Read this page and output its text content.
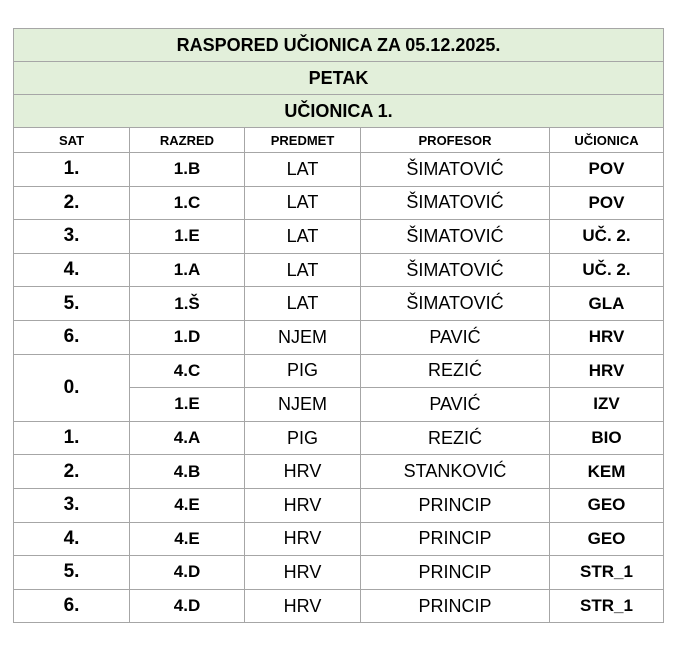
RASPORED UČIONICA ZA 05.12.2025.				
PETAK				
UČIONICA 1.				
SAT	RAZRED	PREDMET	PROFESOR	UČIONICA
1.	1.B	LAT	ŠIMATOVIĆ	POV
2.	1.C	LAT	ŠIMATOVIĆ	POV
3.	1.E	LAT	ŠIMATOVIĆ	UČ. 2.
4.	1.A	LAT	ŠIMATOVIĆ	UČ. 2.
5.	1.Š	LAT	ŠIMATOVIĆ	GLA
6.	1.D	NJEM	PAVIĆ	HRV
0.	4.C	PIG	REZIĆ	HRV
	1.E	NJEM	PAVIĆ	IZV
1.	4.A	PIG	REZIĆ	BIO
2.	4.B	HRV	STANKOVIĆ	KEM
3.	4.E	HRV	PRINCIP	GEO
4.	4.E	HRV	PRINCIP	GEO
5.	4.D	HRV	PRINCIP	STR_1
6.	4.D	HRV	PRINCIP	STR_1
